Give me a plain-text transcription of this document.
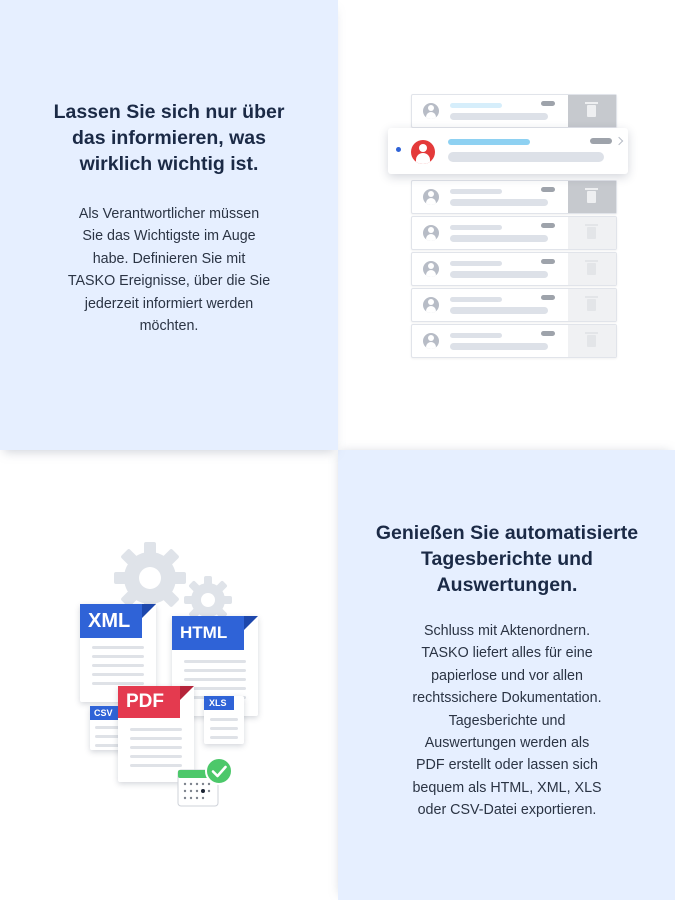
Lassen Sie sich nur über

das informieren, was

wirklich wichtig ist.

Als Verantwortlicher müssen

Sie das Wichtigste im Auge

habe. Definieren Sie mit

TASKO Ereignisse, über die Sie

jederzeit informiert werden

möchten.

Genießen Sie automatisierte

Tagesberichte und

Auswertungen.

Schluss mit Aktenordnern.

TASKO liefert alles für eine

papierlose und vor allen

rechtssichere Dokumentation.

Tagesberichte und

Auswertungen werden als

PDF erstellt oder lassen sich

bequem als HTML, XML, XLS

oder CSV-Datei exportieren.

XML
HTML
CSV
XLS
PDF
